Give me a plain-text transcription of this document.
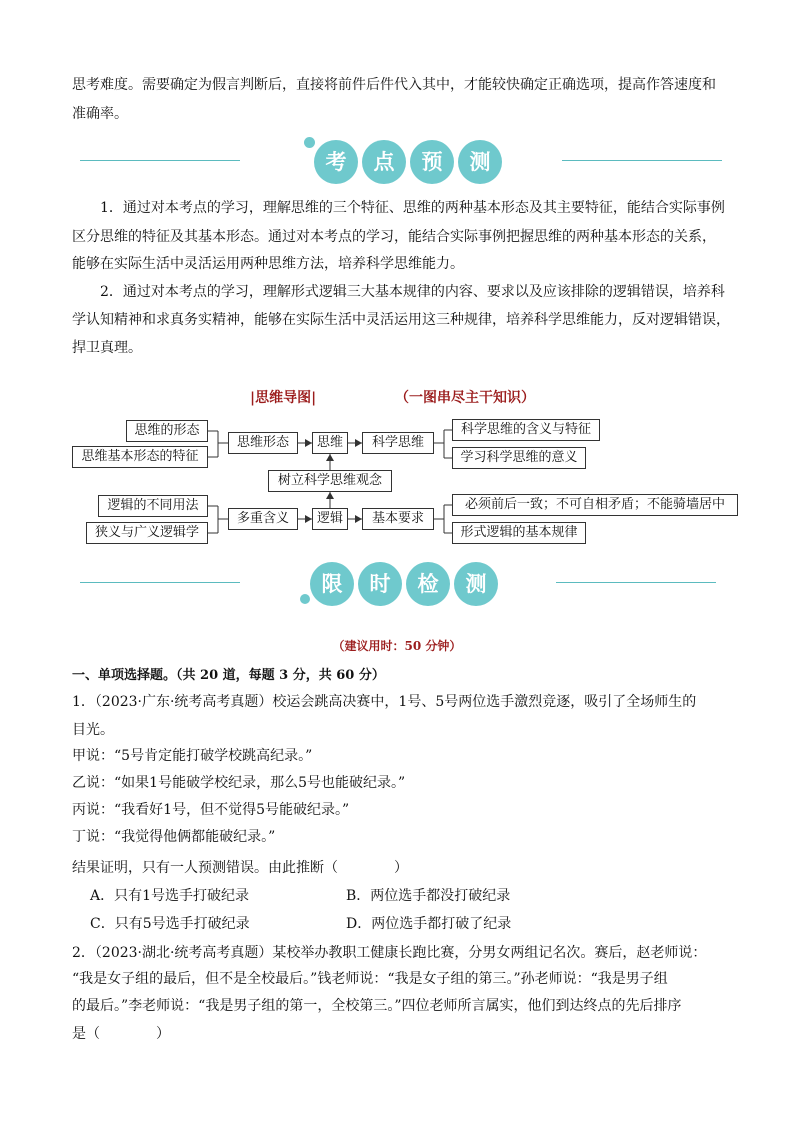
思考难度。需要确定为假言判断后，直接将前件后件代入其中，才能较快确定正确选项，提高作答速度和

准确率。

考	点	预	测

1．通过对本考点的学习，理解思维的三个特征、思维的两种基本形态及其主要特征，能结合实际事例

区分思维的特征及其基本形态。通过对本考点的学习，能结合实际事例把握思维的两种基本形态的关系，

能够在实际生活中灵活运用两种思维方法，培养科学思维能力。

2．通过对本考点的学习，理解形式逻辑三大基本规律的内容、要求以及应该排除的逻辑错误，培养科

学认知精神和求真务实精神，能够在实际生活中灵活运用这三种规律，培养科学思维能力，反对逻辑错误，

捍卫真理。

|思维导图|	（一图串尽主干知识）
思维的形态
思维基本形态的特征
思维形态	思维	科学思维
科学思维的含义与特征
学习科学思维的意义
树立科学思维观念
逻辑的不同用法
狭义与广义逻辑学
多重含义	逻辑	基本要求
必须前后一致；不可自相矛盾；不能骑墙居中
形式逻辑的基本规律
限	时	检	测
（建议用时：50 分钟）
一、单项选择题。（共 20 道，每题 3 分，共 60 分）
1．（2023·广东·统考高考真题）校运会跳高决赛中，1号、5号两位选手激烈竞逐，吸引了全场师生的
目光。
甲说：“5号肯定能打破学校跳高纪录。”
乙说：“如果1号能破学校纪录，那么5号也能破纪录。”
丙说：“我看好1号，但不觉得5号能破纪录。”
丁说：“我觉得他俩都能破纪录。”
结果证明，只有一人预测错误。由此推断（　　　　）
A．只有1号选手打破纪录	B．两位选手都没打破纪录
C．只有5号选手打破纪录	D．两位选手都打破了纪录
2．（2023·湖北·统考高考真题）某校举办教职工健康长跑比赛，分男女两组记名次。赛后，赵老师说：
“我是女子组的最后，但不是全校最后。”钱老师说：“我是女子组的第三。”孙老师说：“我是男子组
的最后。”李老师说：“我是男子组的第一，全校第三。”四位老师所言属实，他们到达终点的先后排序
是（　　　　）
